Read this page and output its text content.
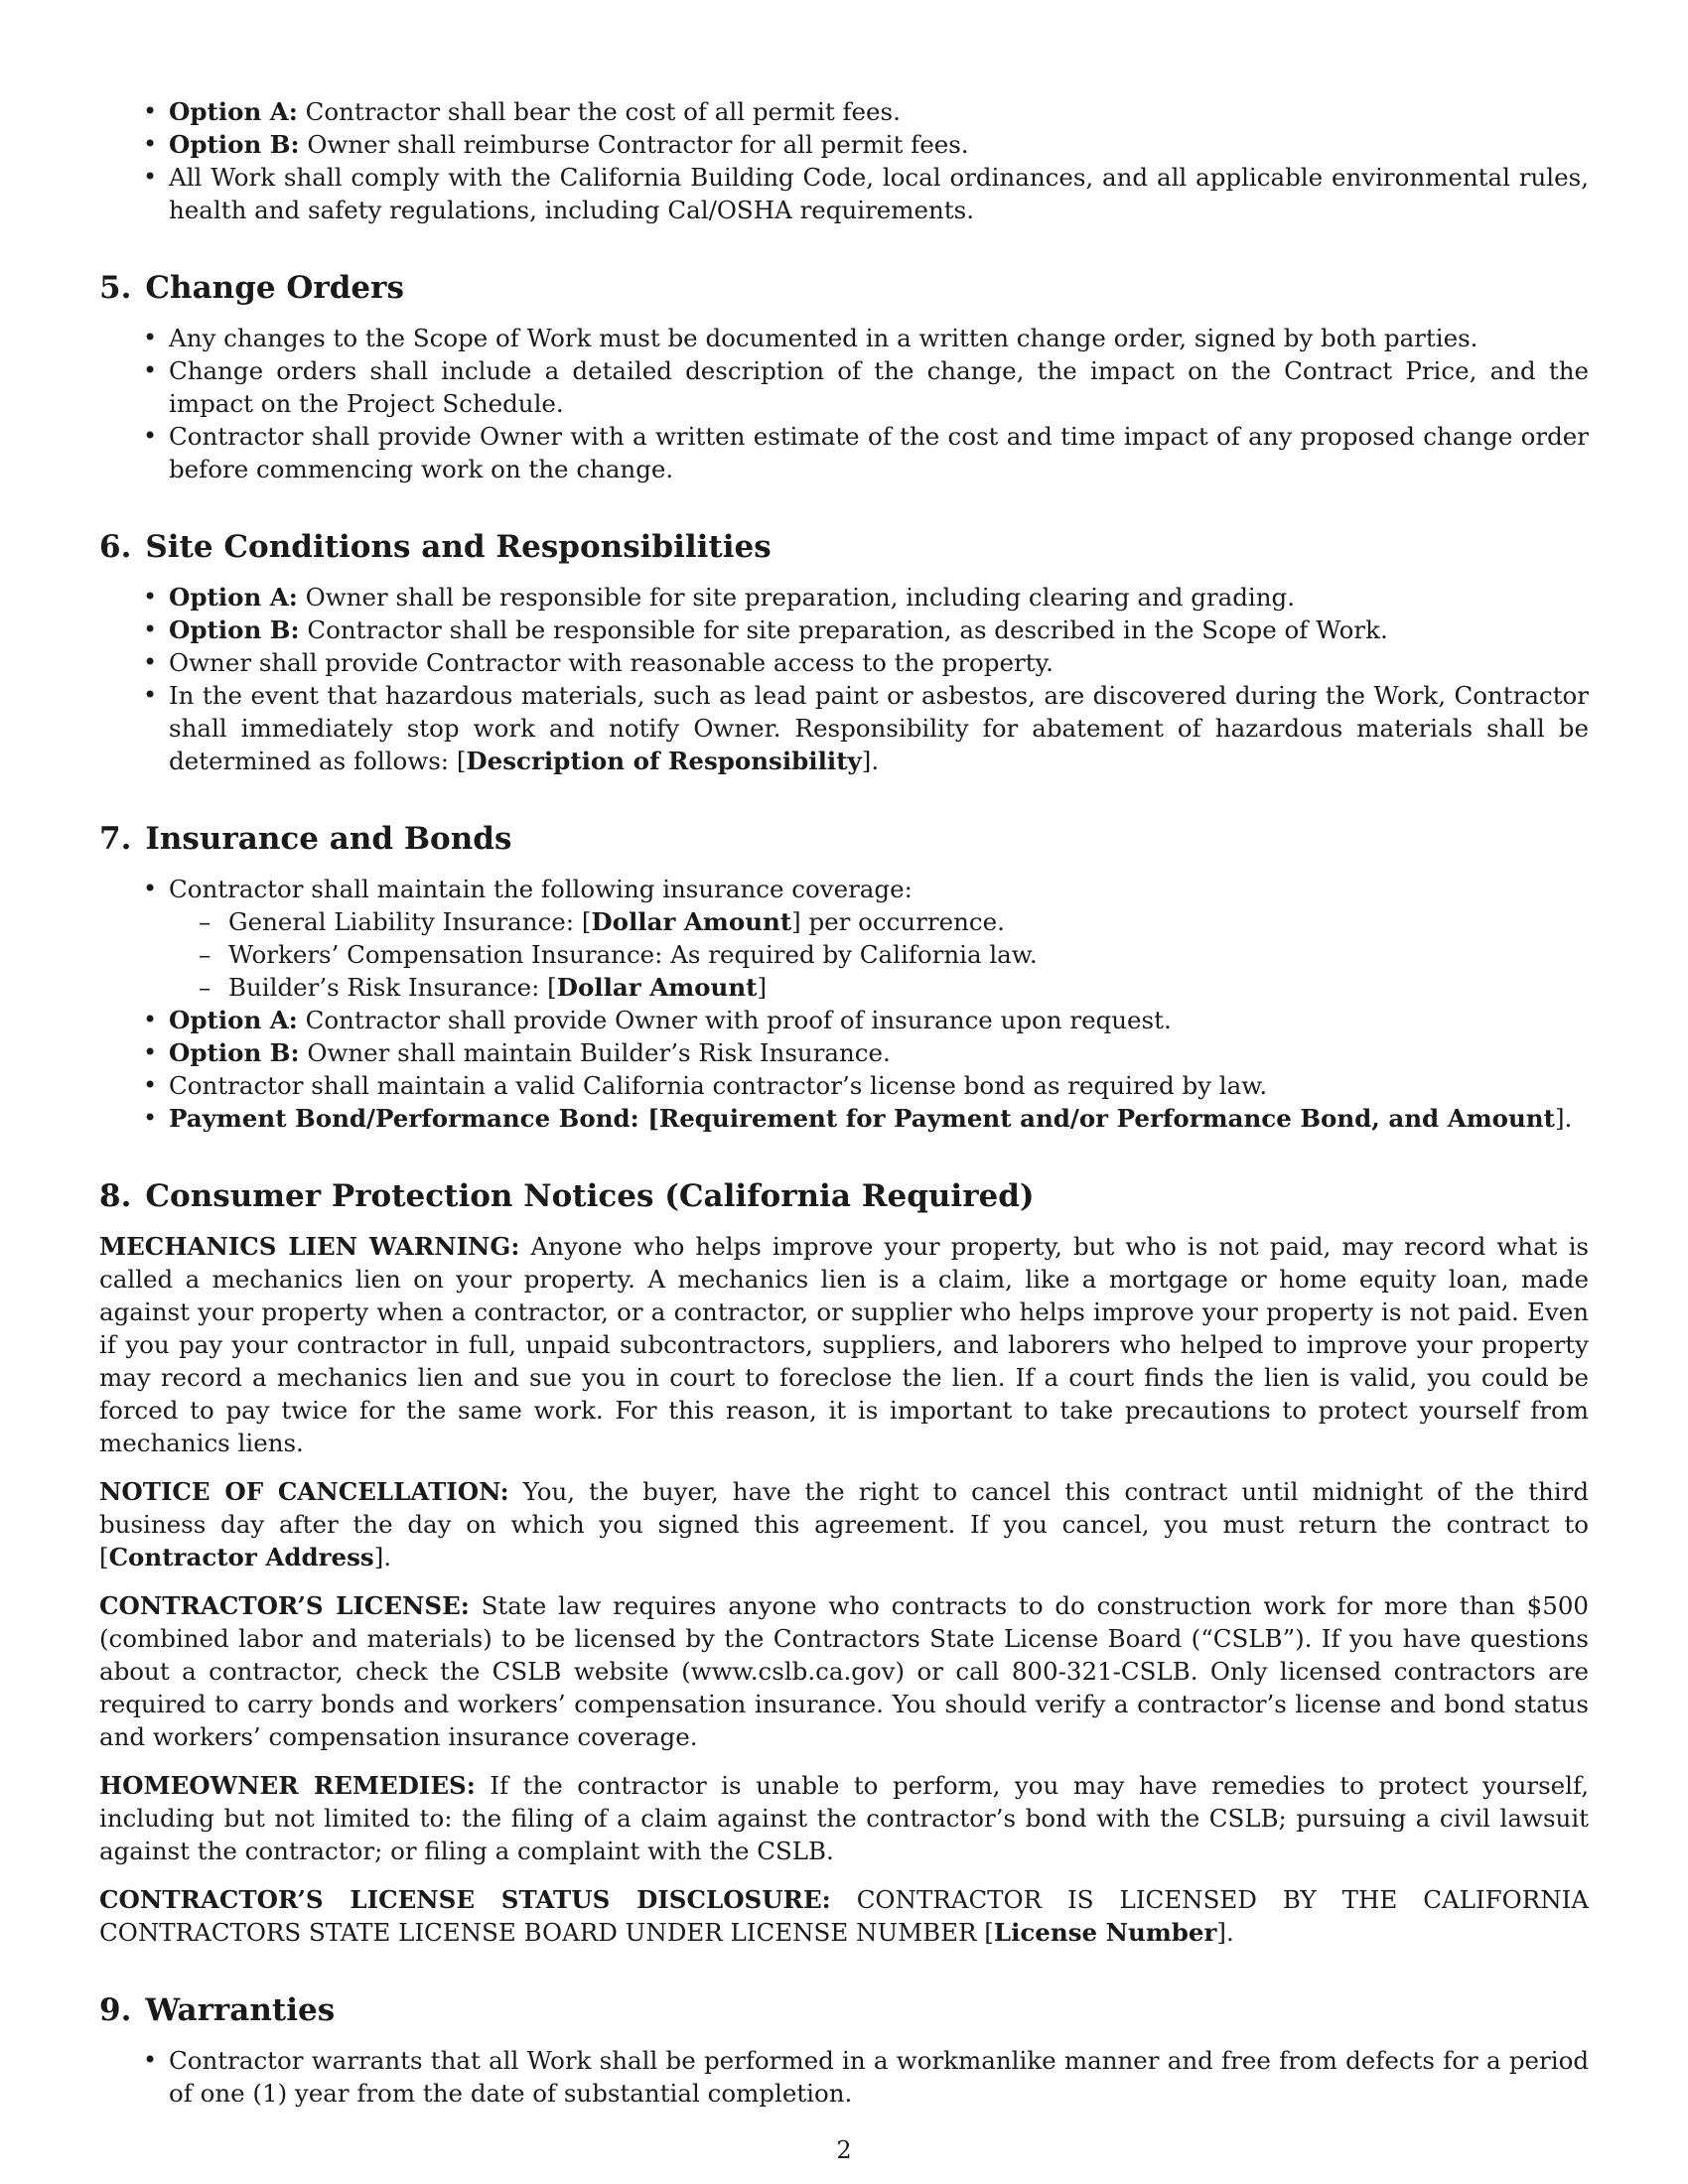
• Option A: Contractor shall bear the cost of all permit fees.
• Option B: Owner shall reimburse Contractor for all permit fees.
• All Work shall comply with the California Building Code, local ordinances, and all applicable environmental rules, health and safety regulations, including Cal/OSHA requirements.
5. Change Orders
• Any changes to the Scope of Work must be documented in a written change order, signed by both parties.
• Change orders shall include a detailed description of the change, the impact on the Contract Price, and the impact on the Project Schedule.
• Contractor shall provide Owner with a written estimate of the cost and time impact of any proposed change order before commencing work on the change.
6. Site Conditions and Responsibilities
• Option A: Owner shall be responsible for site preparation, including clearing and grading.
• Option B: Contractor shall be responsible for site preparation, as described in the Scope of Work.
• Owner shall provide Contractor with reasonable access to the property.
• In the event that hazardous materials, such as lead paint or asbestos, are discovered during the Work, Contractor shall immediately stop work and notify Owner. Responsibility for abatement of hazardous materials shall be determined as follows: [Description of Responsibility].
7. Insurance and Bonds
• Contractor shall maintain the following insurance coverage:
– General Liability Insurance: [Dollar Amount] per occurrence.
– Workers’ Compensation Insurance: As required by California law.
– Builder’s Risk Insurance: [Dollar Amount]
• Option A: Contractor shall provide Owner with proof of insurance upon request.
• Option B: Owner shall maintain Builder’s Risk Insurance.
• Contractor shall maintain a valid California contractor’s license bond as required by law.
• Payment Bond/Performance Bond: [Requirement for Payment and/or Performance Bond, and Amount].
8. Consumer Protection Notices (California Required)

MECHANICS LIEN WARNING: Anyone who helps improve your property, but who is not paid, may record what is called a mechanics lien on your property. A mechanics lien is a claim, like a mortgage or home equity loan, made against your property when a contractor, or a contractor, or supplier who helps improve your property is not paid. Even if you pay your contractor in full, unpaid subcontractors, suppliers, and laborers who helped to improve your property may record a mechanics lien and sue you in court to foreclose the lien. If a court finds the lien is valid, you could be forced to pay twice for the same work. For this reason, it is important to take precautions to protect yourself from mechanics liens.

NOTICE OF CANCELLATION: You, the buyer, have the right to cancel this contract until midnight of the third business day after the day on which you signed this agreement. If you cancel, you must return the contract to [Contractor Address].

CONTRACTOR’S LICENSE: State law requires anyone who contracts to do construction work for more than $500 (combined labor and materials) to be licensed by the Contractors State License Board (“CSLB”). If you have questions about a contractor, check the CSLB website (www.cslb.ca.gov) or call 800-321-CSLB. Only licensed contractors are required to carry bonds and workers’ compensation insurance. You should verify a contractor’s license and bond status and workers’ compensation insurance coverage.

HOMEOWNER REMEDIES: If the contractor is unable to perform, you may have remedies to protect yourself, including but not limited to: the filing of a claim against the contractor’s bond with the CSLB; pursuing a civil lawsuit against the contractor; or filing a complaint with the CSLB.

CONTRACTOR’S LICENSE STATUS DISCLOSURE: CONTRACTOR IS LICENSED BY THE CALIFORNIA CONTRACTORS STATE LICENSE BOARD UNDER LICENSE NUMBER [License Number].

9. Warranties
• Contractor warrants that all Work shall be performed in a workmanlike manner and free from defects for a period of one (1) year from the date of substantial completion.
2
